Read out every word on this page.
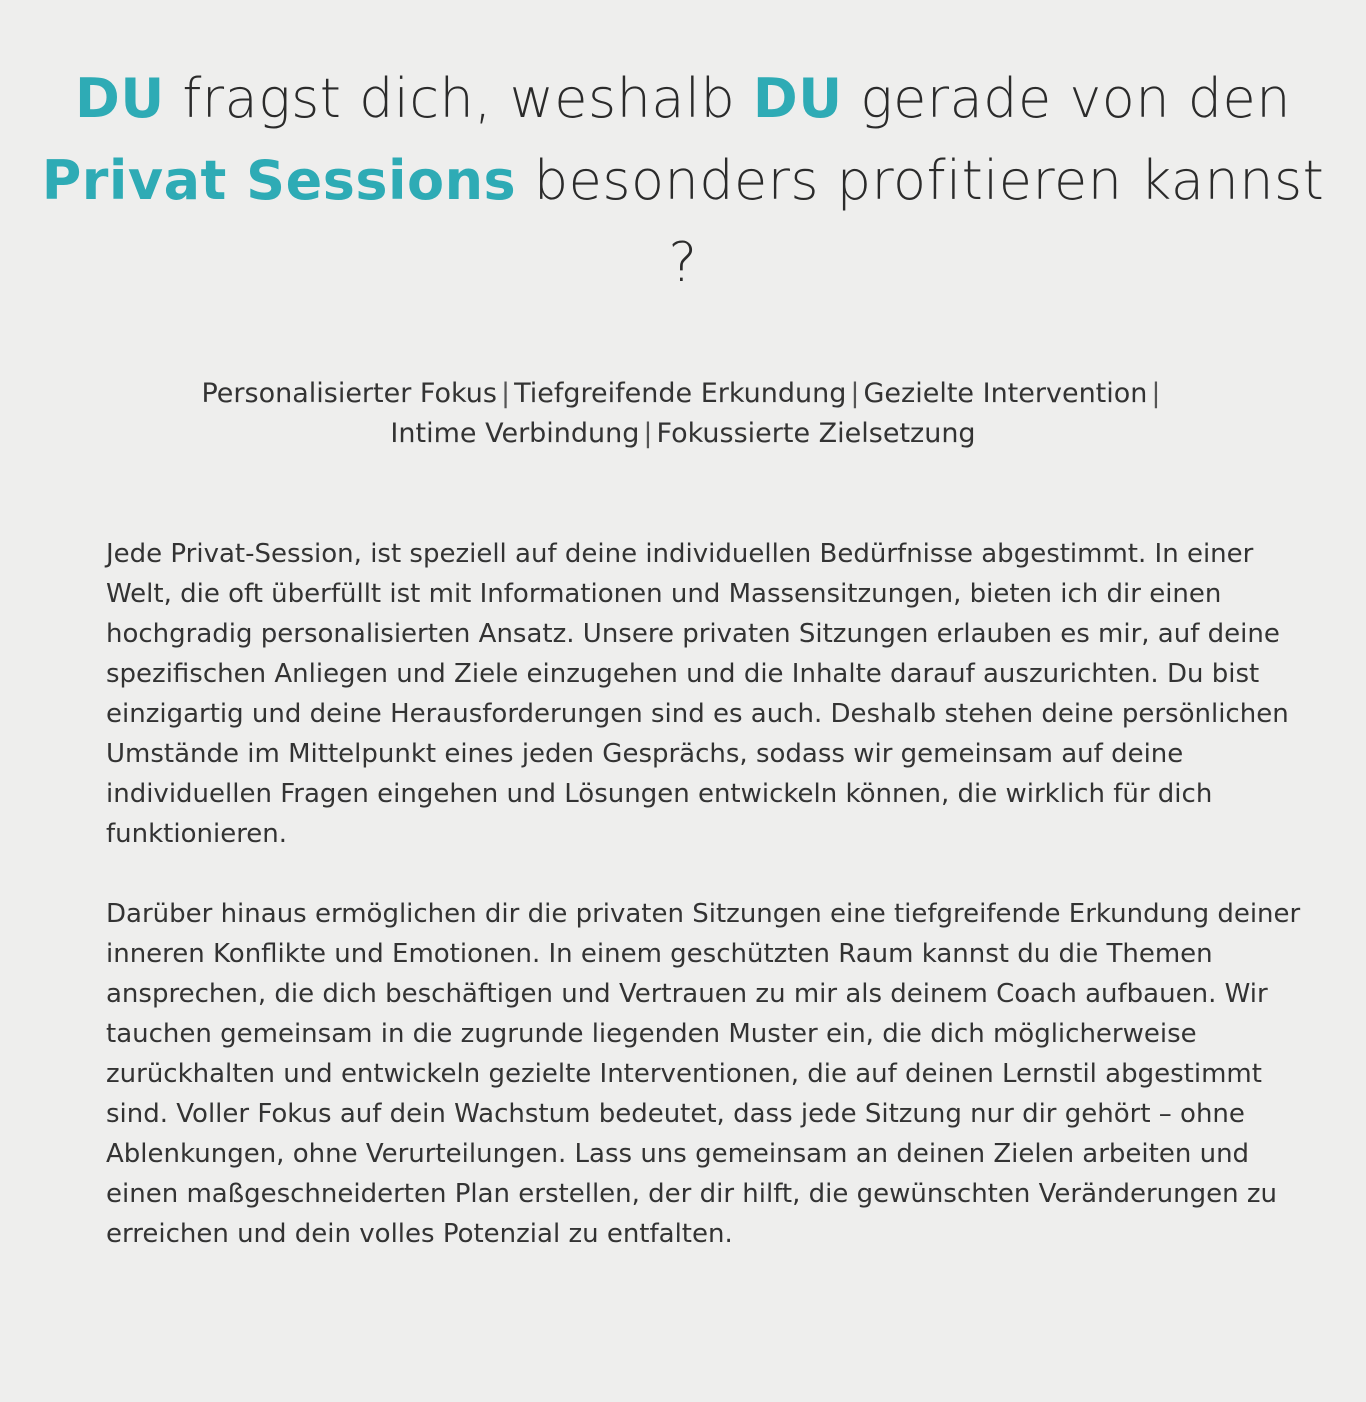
DU fragst dich, weshalb DU gerade von den Privat Sessions besonders profitieren kannst ?

Personalisierter Fokus | Tiefgreifende Erkundung | Gezielte Intervention |
Intime Verbindung | Fokussierte Zielsetzung

Jede Privat-Session, ist speziell auf deine individuellen Bedürfnisse abgestimmt. In einer Welt, die oft überfüllt ist mit Informationen und Massensitzungen, bieten ich dir einen hochgradig personalisierten Ansatz. Unsere privaten Sitzungen erlauben es mir, auf deine spezifischen Anliegen und Ziele einzugehen und die Inhalte darauf auszurichten. Du bist einzigartig und deine Herausforderungen sind es auch. Deshalb stehen deine persönlichen Umstände im Mittelpunkt eines jeden Gesprächs, sodass wir gemeinsam auf deine individuellen Fragen eingehen und Lösungen entwickeln können, die wirklich für dich funktionieren.

Darüber hinaus ermöglichen dir die privaten Sitzungen eine tiefgreifende Erkundung deiner inneren Konflikte und Emotionen. In einem geschützten Raum kannst du die Themen ansprechen, die dich beschäftigen und Vertrauen zu mir als deinem Coach aufbauen. Wir tauchen gemeinsam in die zugrunde liegenden Muster ein, die dich möglicherweise zurückhalten und entwickeln gezielte Interventionen, die auf deinen Lernstil abgestimmt sind. Voller Fokus auf dein Wachstum bedeutet, dass jede Sitzung nur dir gehört – ohne Ablenkungen, ohne Verurteilungen. Lass uns gemeinsam an deinen Zielen arbeiten und einen maßgeschneiderten Plan erstellen, der dir hilft, die gewünschten Veränderungen zu erreichen und dein volles Potenzial zu entfalten.
